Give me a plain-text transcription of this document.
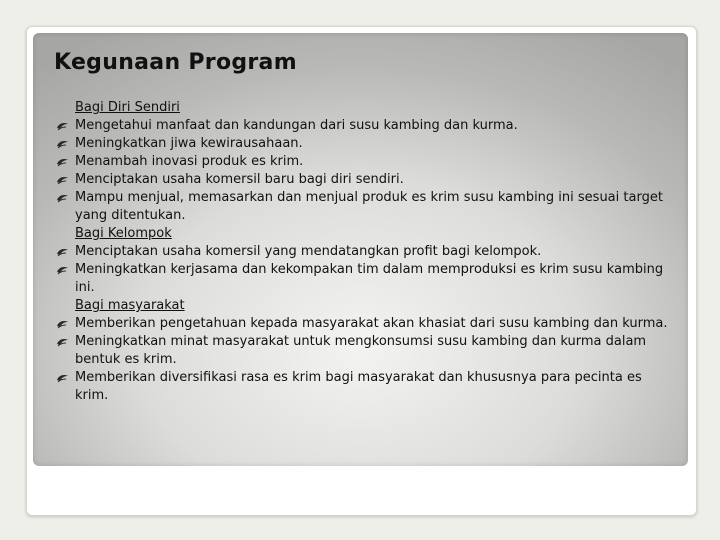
Kegunaan Program
Bagi Diri Sendiri
Mengetahui manfaat dan kandungan dari susu kambing dan kurma.
Meningkatkan jiwa kewirausahaan.
Menambah inovasi produk es krim.
Menciptakan usaha komersil baru bagi diri sendiri.
Mampu menjual, memasarkan dan menjual produk es krim susu kambing ini sesuai target yang ditentukan.
Bagi Kelompok
Menciptakan usaha komersil yang mendatangkan profit bagi kelompok.
Meningkatkan kerjasama dan kekompakan tim dalam memproduksi es krim susu kambing ini.
Bagi masyarakat
Memberikan pengetahuan kepada masyarakat akan khasiat dari susu kambing dan kurma.
Meningkatkan minat masyarakat untuk mengkonsumsi susu kambing dan kurma dalam bentuk es krim.
Memberikan diversifikasi rasa es krim bagi masyarakat dan khususnya para pecinta es krim.
